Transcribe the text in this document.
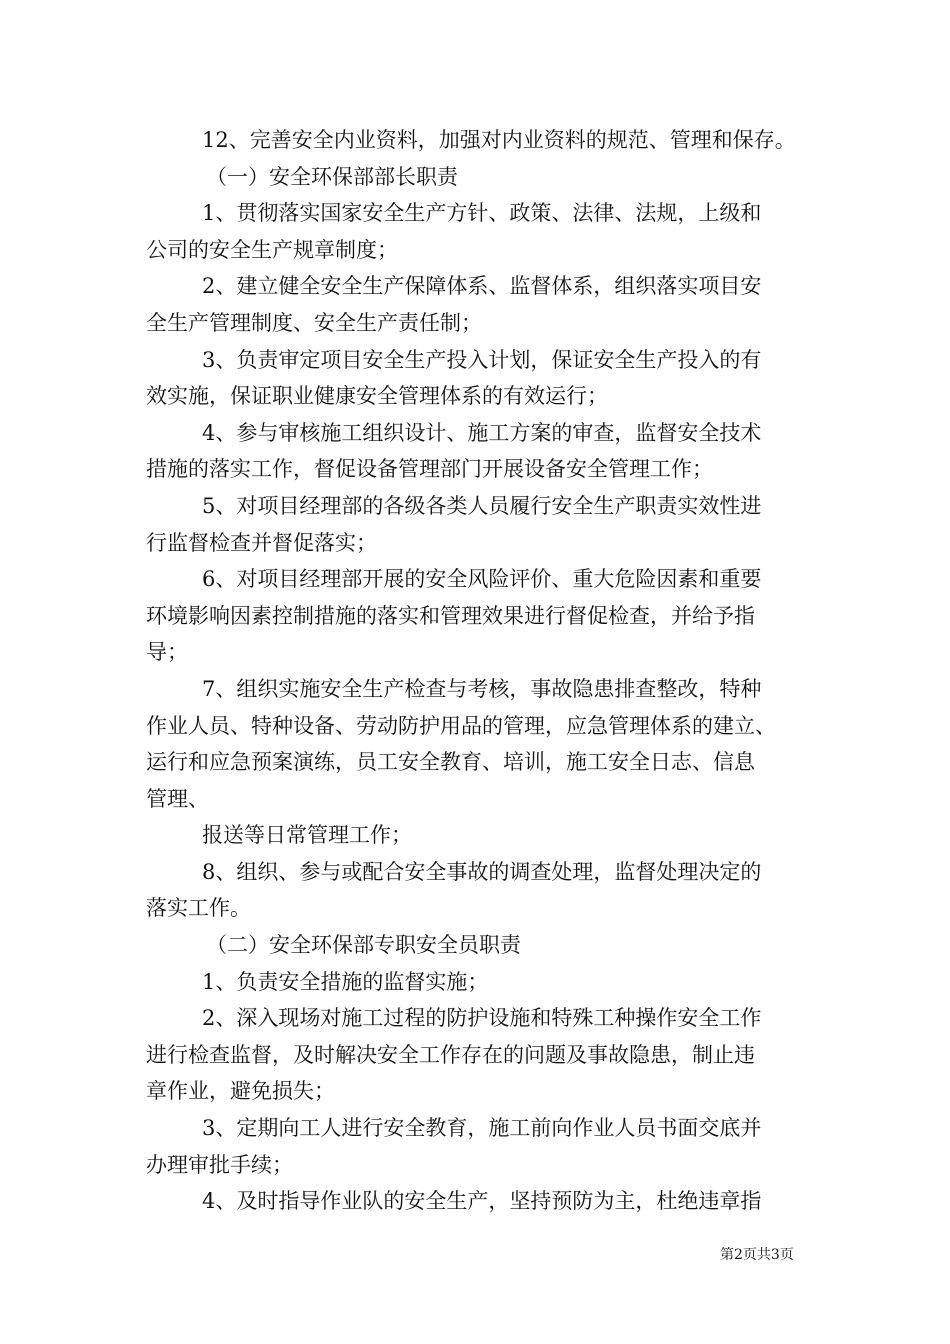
12、完善安全内业资料，加强对内业资料的规范、管理和保存。

（一）安全环保部部长职责

1、贯彻落实国家安全生产方针、政策、法律、法规，上级和

公司的安全生产规章制度；

2、建立健全安全生产保障体系、监督体系，组织落实项目安

全生产管理制度、安全生产责任制；

3、负责审定项目安全生产投入计划，保证安全生产投入的有

效实施，保证职业健康安全管理体系的有效运行；

4、参与审核施工组织设计、施工方案的审查，监督安全技术

措施的落实工作，督促设备管理部门开展设备安全管理工作；

5、对项目经理部的各级各类人员履行安全生产职责实效性进

行监督检查并督促落实；

6、对项目经理部开展的安全风险评价、重大危险因素和重要

环境影响因素控制措施的落实和管理效果进行督促检查，并给予指

导；

7、组织实施安全生产检查与考核，事故隐患排查整改，特种

作业人员、特种设备、劳动防护用品的管理，应急管理体系的建立、

运行和应急预案演练，员工安全教育、培训，施工安全日志、信息

管理、

报送等日常管理工作；

8、组织、参与或配合安全事故的调查处理，监督处理决定的

落实工作。

（二）安全环保部专职安全员职责

1、负责安全措施的监督实施；

2、深入现场对施工过程的防护设施和特殊工种操作安全工作

进行检查监督，及时解决安全工作存在的问题及事故隐患，制止违

章作业，避免损失；

3、定期向工人进行安全教育，施工前向作业人员书面交底并

办理审批手续；

4、及时指导作业队的安全生产，坚持预防为主，杜绝违章指

第2页共3页
